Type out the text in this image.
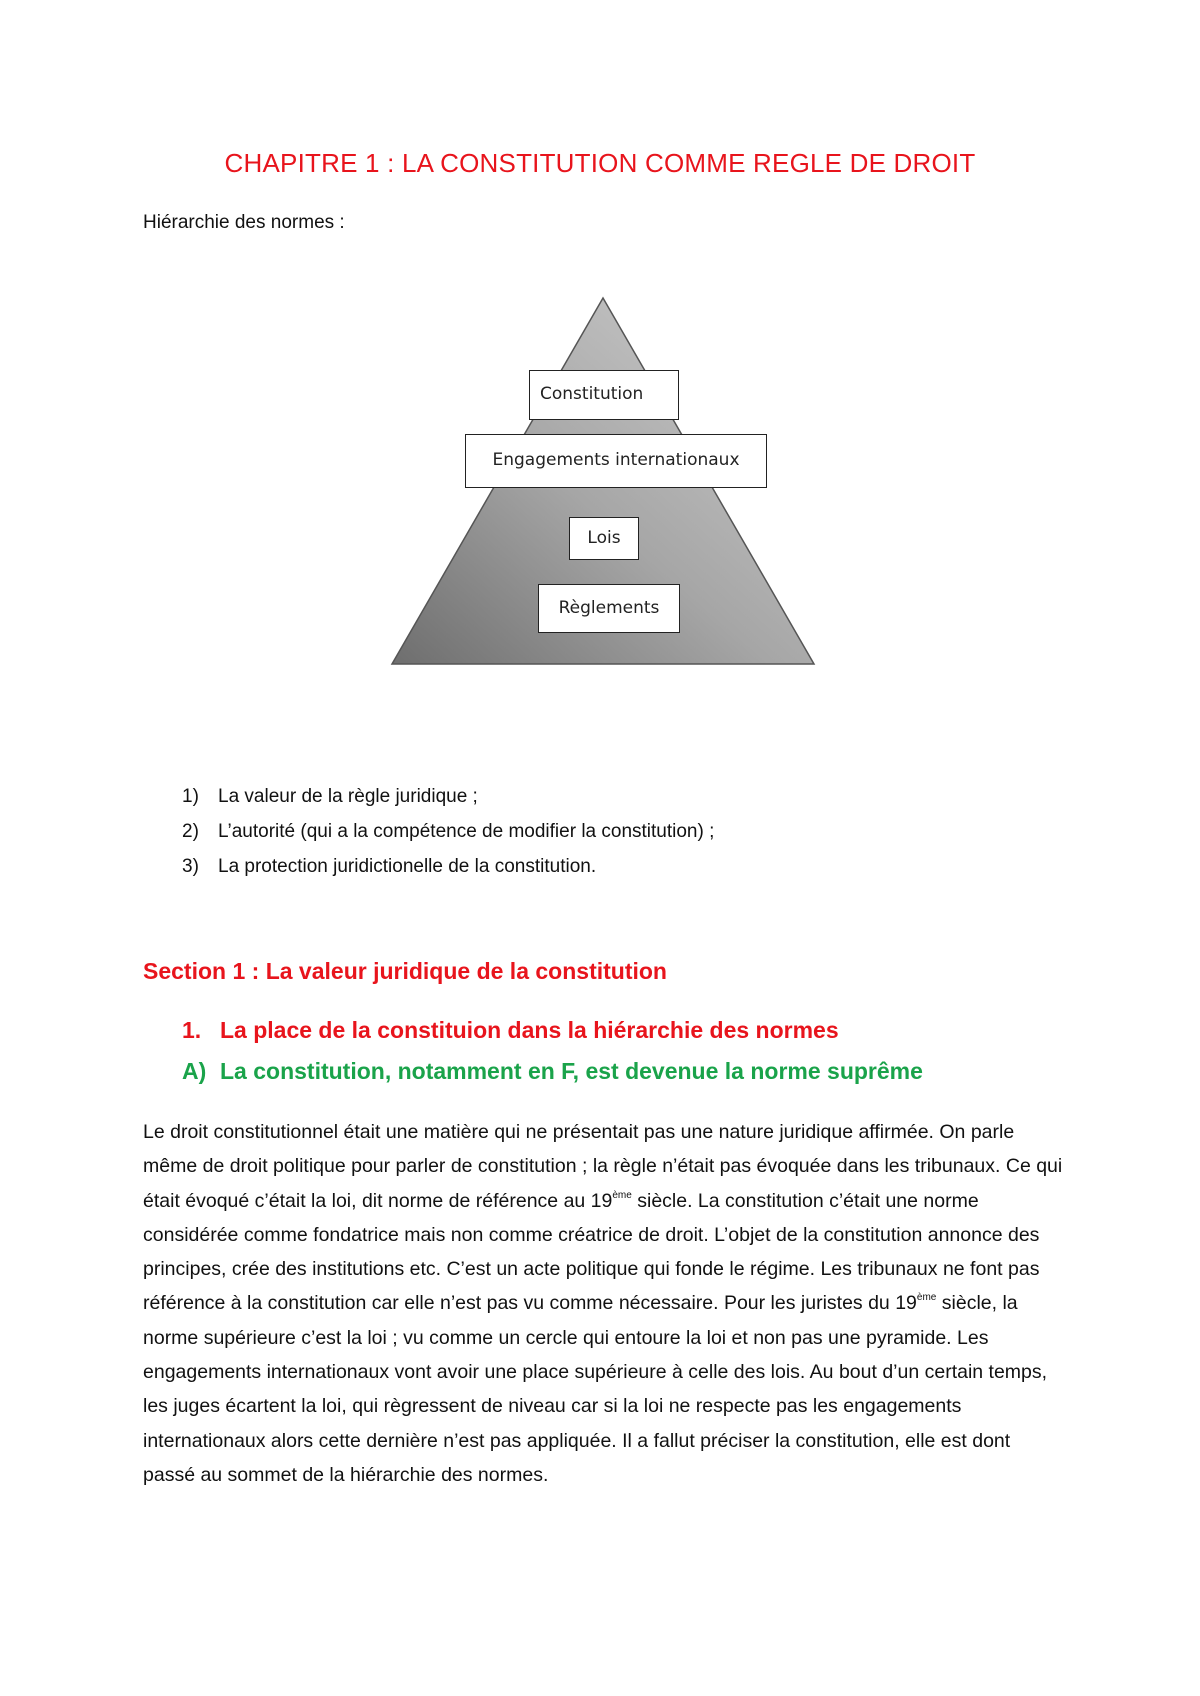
CHAPITRE 1 : LA CONSTITUTION COMME REGLE DE DROIT

Hiérarchie des normes :

Constitution
Engagements internationaux
Lois
Règlements
1)	La valeur de la règle juridique ;
2)	L’autorité (qui a la compétence de modifier la constitution) ;
3)	La protection juridictionelle de la constitution.
Section 1 : La valeur juridique de la constitution
1. La place de la constituion dans la hiérarchie des normes
A) La constitution, notamment en F, est devenue la norme suprême

Le droit constitutionnel était une matière qui ne présentait pas une nature juridique affirmée. On parle même de droit politique pour parler de constitution ; la règle n’était pas évoquée dans les tribunaux. Ce qui était évoqué c’était la loi, dit norme de référence au 19ème siècle. La constitution c’était une norme considérée comme fondatrice mais non comme créatrice de droit. L’objet de la constitution annonce des principes, crée des institutions etc. C’est un acte politique qui fonde le régime. Les tribunaux ne font pas référence à la constitution car elle n’est pas vu comme nécessaire. Pour les juristes du 19ème siècle, la norme supérieure c’est la loi ; vu comme un cercle qui entoure la loi et non pas une pyramide. Les engagements internationaux vont avoir une place supérieure à celle des lois. Au bout d’un certain temps, les juges écartent la loi, qui règressent de niveau car si la loi ne respecte pas les engagements internationaux alors cette dernière n’est pas appliquée. Il a fallut préciser la constitution, elle est dont passé au sommet de la hiérarchie des normes.
